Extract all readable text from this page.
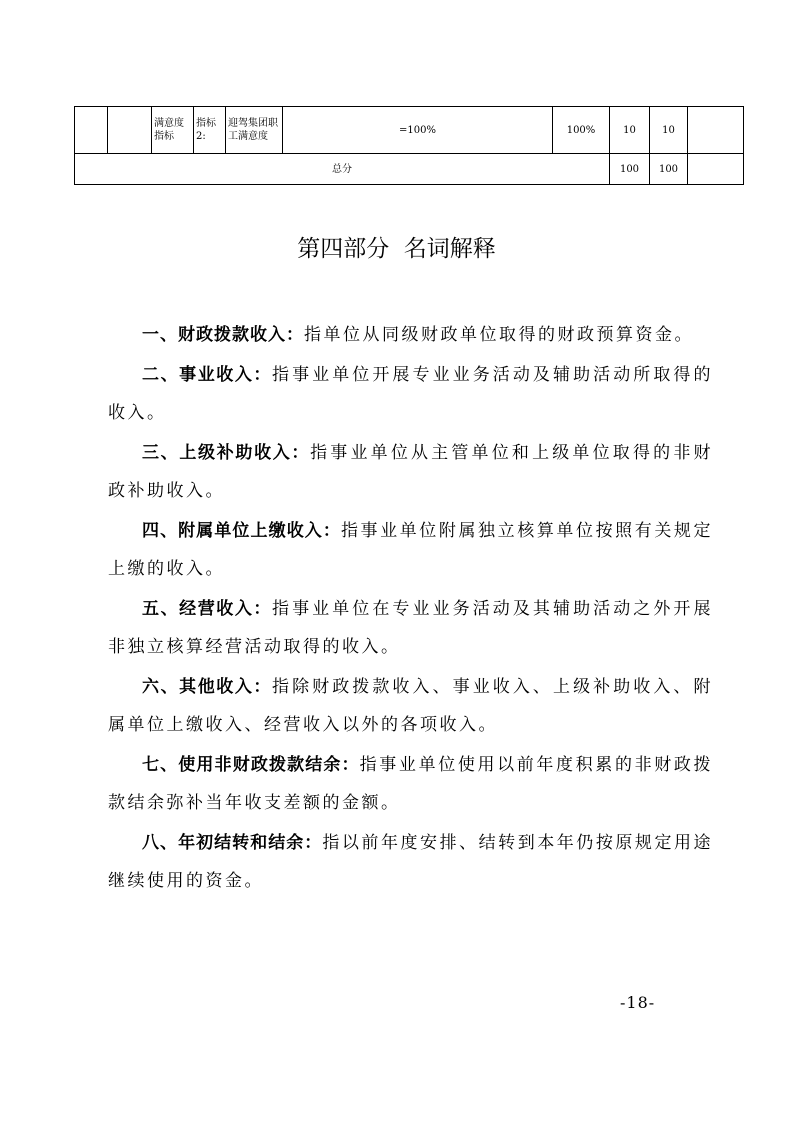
		满意度指标	指标2:	迎驾集团职工满意度	=100%	100%	10	10	
总分							100	100	
第四部分  名词解释

一、财政拨款收入：指单位从同级财政单位取得的财政预算资金。

二、事业收入：指事业单位开展专业业务活动及辅助活动所取得的收入。

三、上级补助收入：指事业单位从主管单位和上级单位取得的非财政补助收入。

四、附属单位上缴收入：指事业单位附属独立核算单位按照有关规定上缴的收入。

五、经营收入：指事业单位在专业业务活动及其辅助活动之外开展非独立核算经营活动取得的收入。

六、其他收入：指除财政拨款收入、事业收入、上级补助收入、附属单位上缴收入、经营收入以外的各项收入。

七、使用非财政拨款结余：指事业单位使用以前年度积累的非财政拨款结余弥补当年收支差额的金额。

八、年初结转和结余：指以前年度安排、结转到本年仍按原规定用途继续使用的资金。

-18-
